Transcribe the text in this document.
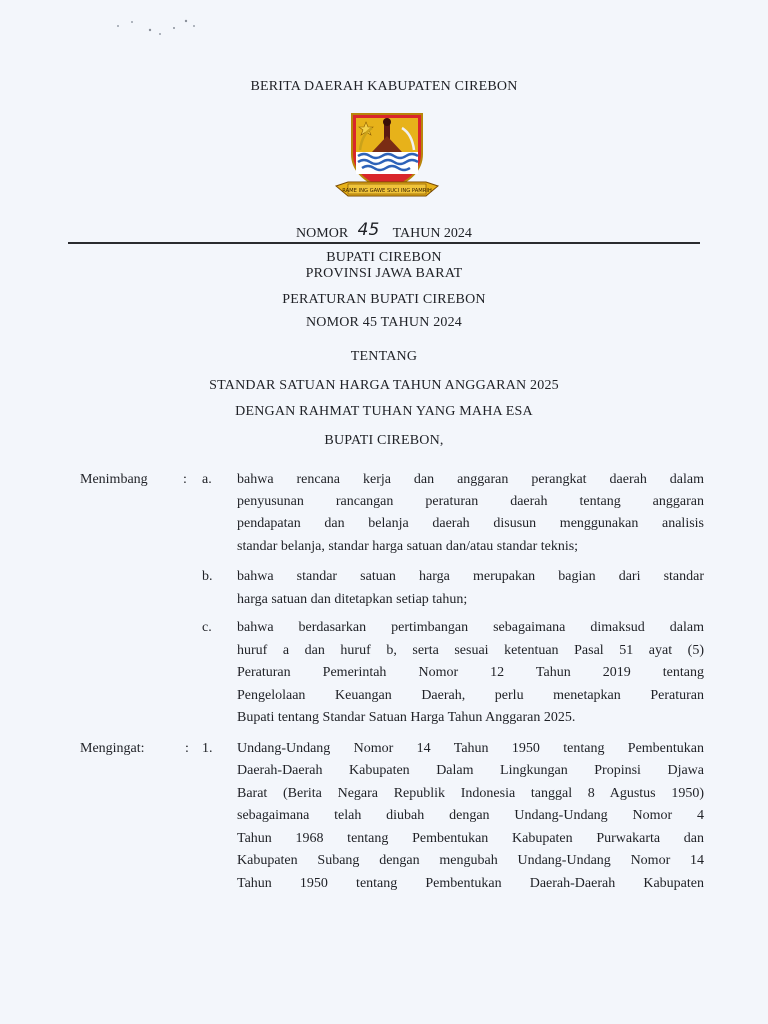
BERITA DAERAH KABUPATEN CIREBON
RAME ING GAWE SUCI ING PAMRIH
NOMOR 45 TAHUN 2024
BUPATI CIREBON
PROVINSI JAWA BARAT
PERATURAN BUPATI CIREBON
NOMOR 45 TAHUN 2024
TENTANG
STANDAR SATUAN HARGA TAHUN ANGGARAN 2025
DENGAN RAHMAT TUHAN YANG MAHA ESA
BUPATI CIREBON,
Menimbang	: a. bahwa rencana kerja dan anggaran perangkat daerah dalam
penyusunan rancangan peraturan daerah tentang anggaran
pendapatan dan belanja daerah disusun menggunakan analisis
standar belanja, standar harga satuan dan/atau standar teknis;
b. bahwa standar satuan harga merupakan bagian dari standar
harga satuan dan ditetapkan setiap tahun;
c. bahwa berdasarkan pertimbangan sebagaimana dimaksud dalam
huruf a dan huruf b, serta sesuai ketentuan Pasal 51 ayat (5)
Peraturan Pemerintah Nomor 12 Tahun 2019 tentang
Pengelolaan Keuangan Daerah, perlu menetapkan Peraturan
Bupati tentang Standar Satuan Harga Tahun Anggaran 2025.
Mengingat:	: 1. Undang-Undang Nomor 14 Tahun 1950 tentang Pembentukan
Daerah-Daerah Kabupaten Dalam Lingkungan Propinsi Djawa
Barat (Berita Negara Republik Indonesia tanggal 8 Agustus 1950)
sebagaimana telah diubah dengan Undang-Undang Nomor 4
Tahun 1968 tentang Pembentukan Kabupaten Purwakarta dan
Kabupaten Subang dengan mengubah Undang-Undang Nomor 14
Tahun 1950 tentang Pembentukan Daerah-Daerah Kabupaten
